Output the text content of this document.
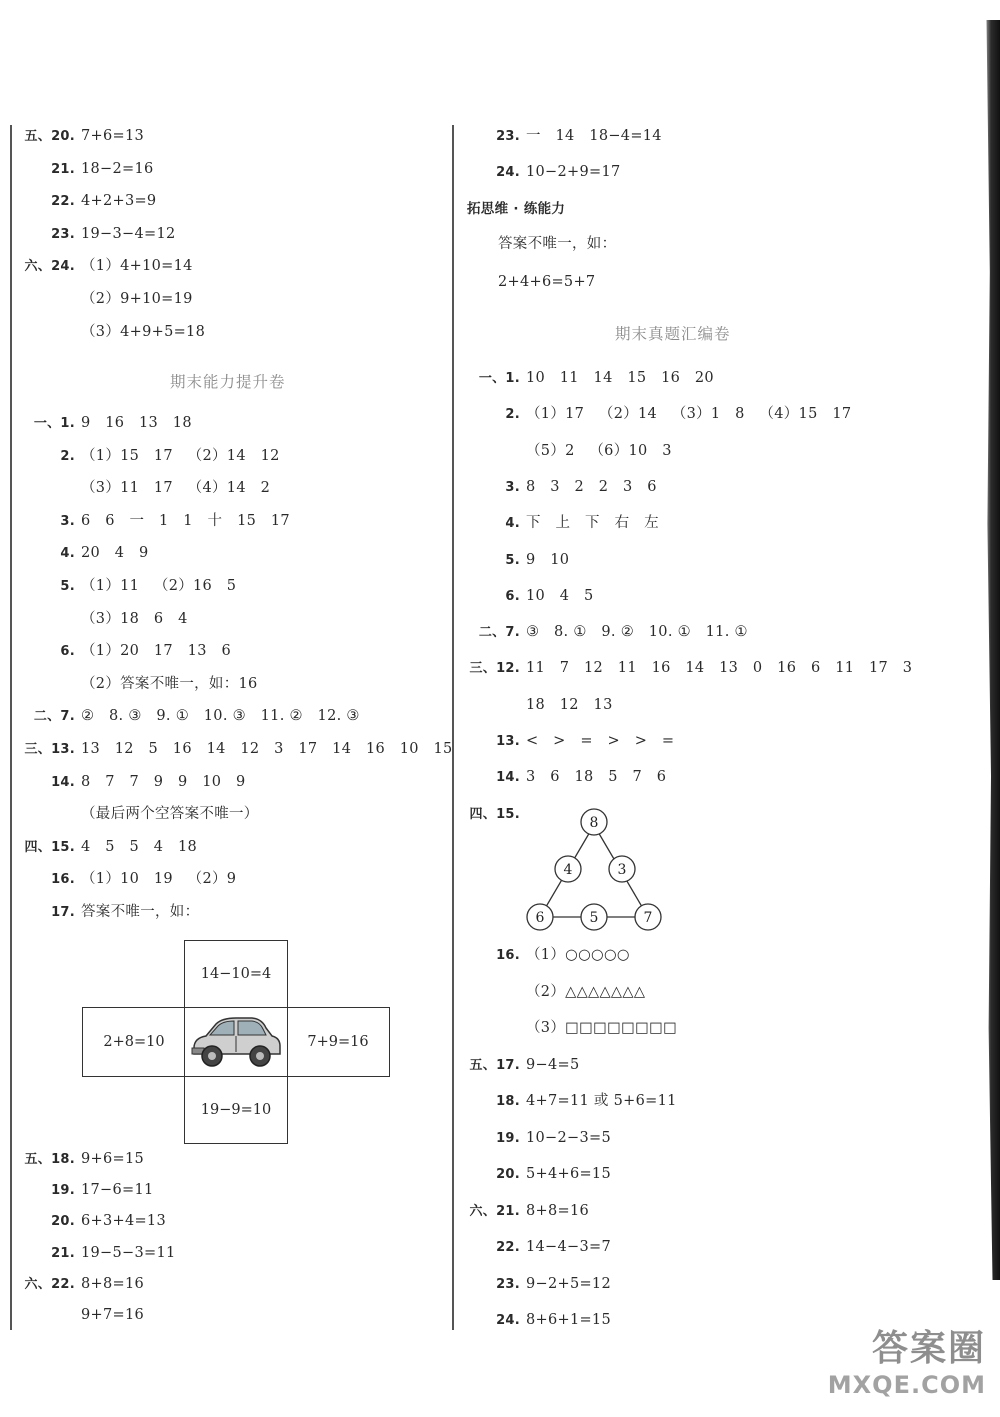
期末能力提升卷
14−10=4
2+8=10	7+9=16
19−9=10
拓思维 · 练能力
期末真题汇编卷
8
4	3
6	5	7
答案圈
MXQE.COM
五、20. 7+6=13
21. 18−2=16
22. 4+2+3=9
23. 19−3−4=12
六、24. （1）4+10=14
（2）9+10=19
（3）4+9+5=18
一、1. 9   16   13   18
2. （1）15   17   （2）14   12
（3）11   17   （4）14   2
3. 6   6   一   1   1   十   15   17
4. 20   4   9
5. （1）11   （2）16   5
（3）18   6   4
6. （1）20   17   13   6
（2）答案不唯一，如：16
二、7. ②   8. ③   9. ①   10. ③   11. ②   12. ③
三、13. 13   12   5   16   14   12   3   17   14   16   10   15
14. 8   7   7   9   9   10   9
（最后两个空答案不唯一）
四、15. 4   5   5   4   18
16. （1）10   19   （2）9
17. 答案不唯一，如：
五、18. 9+6=15
19. 17−6=11
20. 6+3+4=13
21. 19−5−3=11
六、22. 8+8=16
9+7=16
23. 一   14   18−4=14
24. 10−2+9=17
答案不唯一，如：
2+4+6=5+7
一、1. 10   11   14   15   16   20
2. （1）17   （2）14   （3）1   8   （4）15   17
（5）2   （6）10   3
3. 8   3   2   2   3   6
4. 下   上   下   右   左
5. 9   10
6. 10   4   5
二、7. ③   8. ①   9. ②   10. ①   11. ①
三、12. 11   7   12   11   16   14   13   0   16   6   11   17   3
18   12   13
13. <   >   =   >   >   =
14. 3   6   18   5   7   6
四、15.
16. （1）○○○○○
（2）△△△△△△△
（3）□□□□□□□□
五、17. 9−4=5
18. 4+7=11 或 5+6=11
19. 10−2−3=5
20. 5+4+6=15
六、21. 8+8=16
22. 14−4−3=7
23. 9−2+5=12
24. 8+6+1=15
